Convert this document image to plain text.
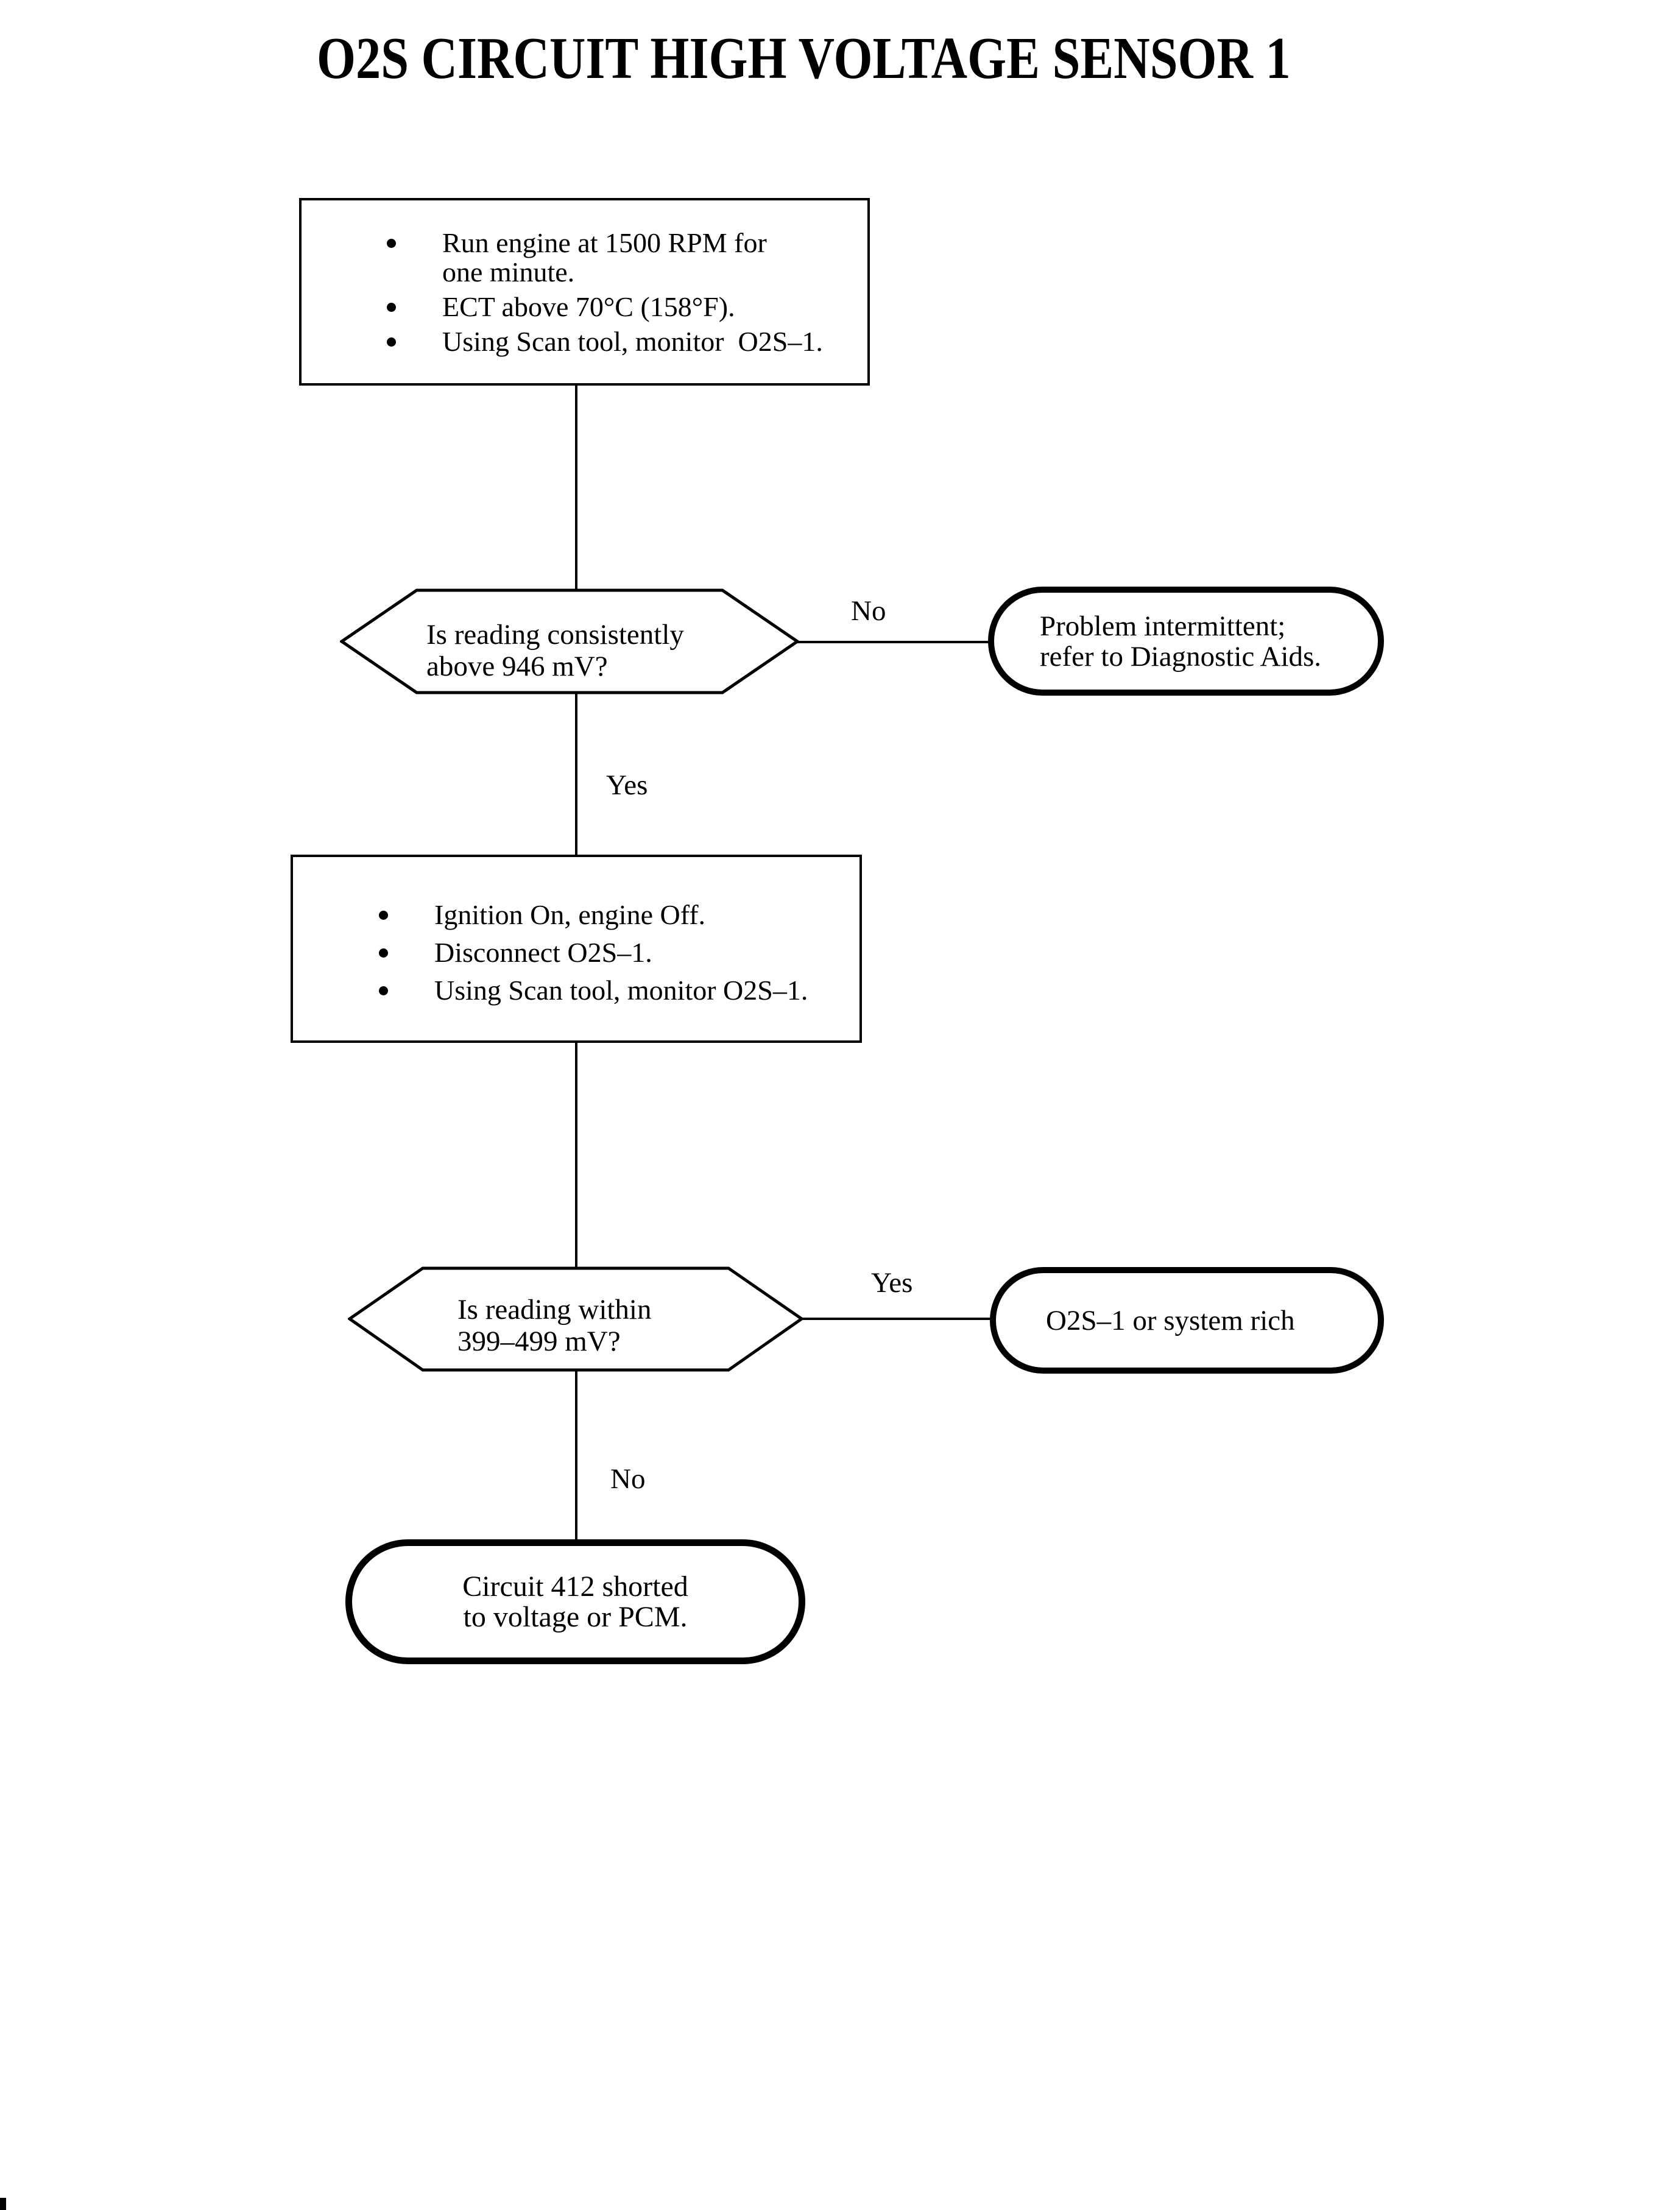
O2S CIRCUIT HIGH VOLTAGE SENSOR 1
Run engine at 1500 RPM for
one minute.
ECT above 70°C (158°F).
Using Scan tool, monitor  O2S–1.
Is reading consistently
above 946 mV?
No	Problem intermittent;
refer to Diagnostic Aids.
Yes
Ignition On, engine Off.
Disconnect O2S–1.
Using Scan tool, monitor O2S–1.
Is reading within
399–499 mV?
Yes
O2S–1 or system rich
No
Circuit 412 shorted
to voltage or PCM.
